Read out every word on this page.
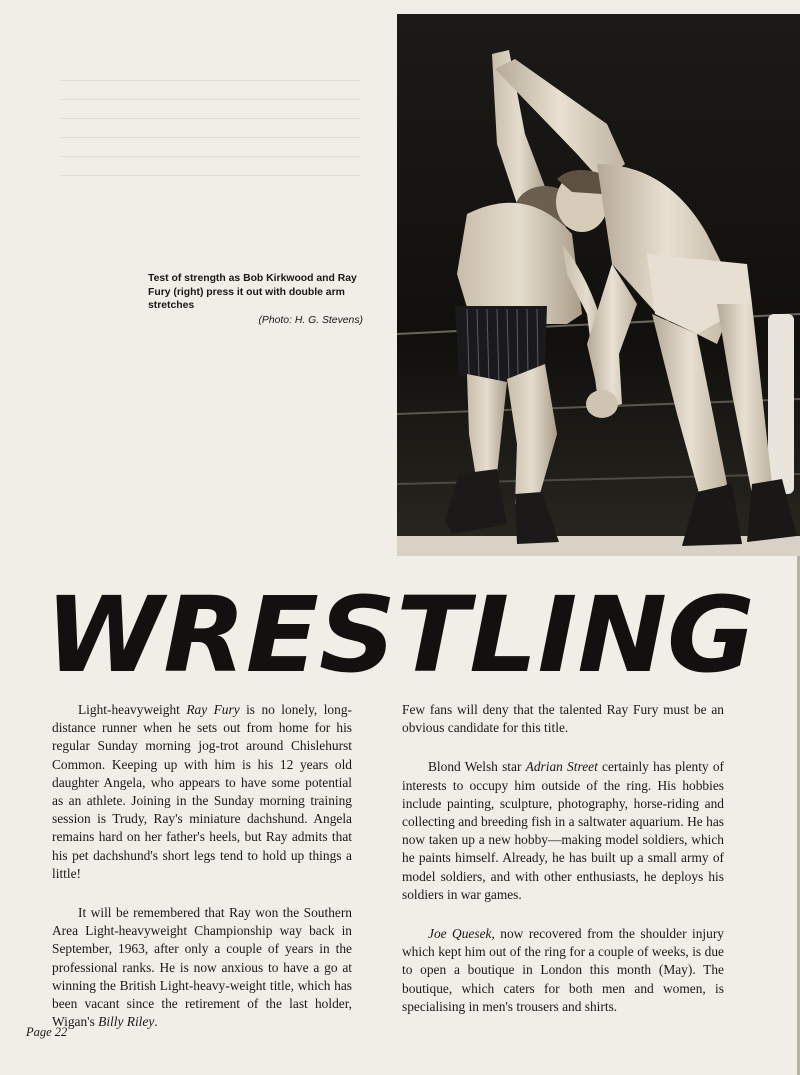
Test of strength as Bob Kirkwood and Ray Fury (right) press it out with double arm stretches
(Photo: H. G. Stevens)
WRESTLING

Light-heavyweight Ray Fury is no lonely, long-distance runner when he sets out from home for his regular Sunday morning jog-trot around Chislehurst Common. Keeping up with him is his 12 years old daughter Angela, who appears to have some potential as an athlete. Joining in the Sunday morning training session is Trudy, Ray's miniature dachshund. Angela remains hard on her father's heels, but Ray admits that his pet dachshund's short legs tend to hold up things a little!

It will be remembered that Ray won the Southern Area Light-heavyweight Championship way back in September, 1963, after only a couple of years in the professional ranks. He is now anxious to have a go at winning the British Light-heavy-weight title, which has been vacant since the retirement of the last holder, Wigan's Billy Riley.

Few fans will deny that the talented Ray Fury must be an obvious candidate for this title.

Blond Welsh star Adrian Street certainly has plenty of interests to occupy him outside of the ring. His hobbies include painting, sculpture, photography, horse-riding and collecting and breeding fish in a saltwater aquarium. He has now taken up a new hobby—making model soldiers, which he paints himself. Already, he has built up a small army of model soldiers, and with other enthusiasts, he deploys his soldiers in war games.

Joe Quesek, now recovered from the shoulder injury which kept him out of the ring for a couple of weeks, is due to open a boutique in London this month (May). The boutique, which caters for both men and women, is specialising in men's trousers and shirts.

Page 22
